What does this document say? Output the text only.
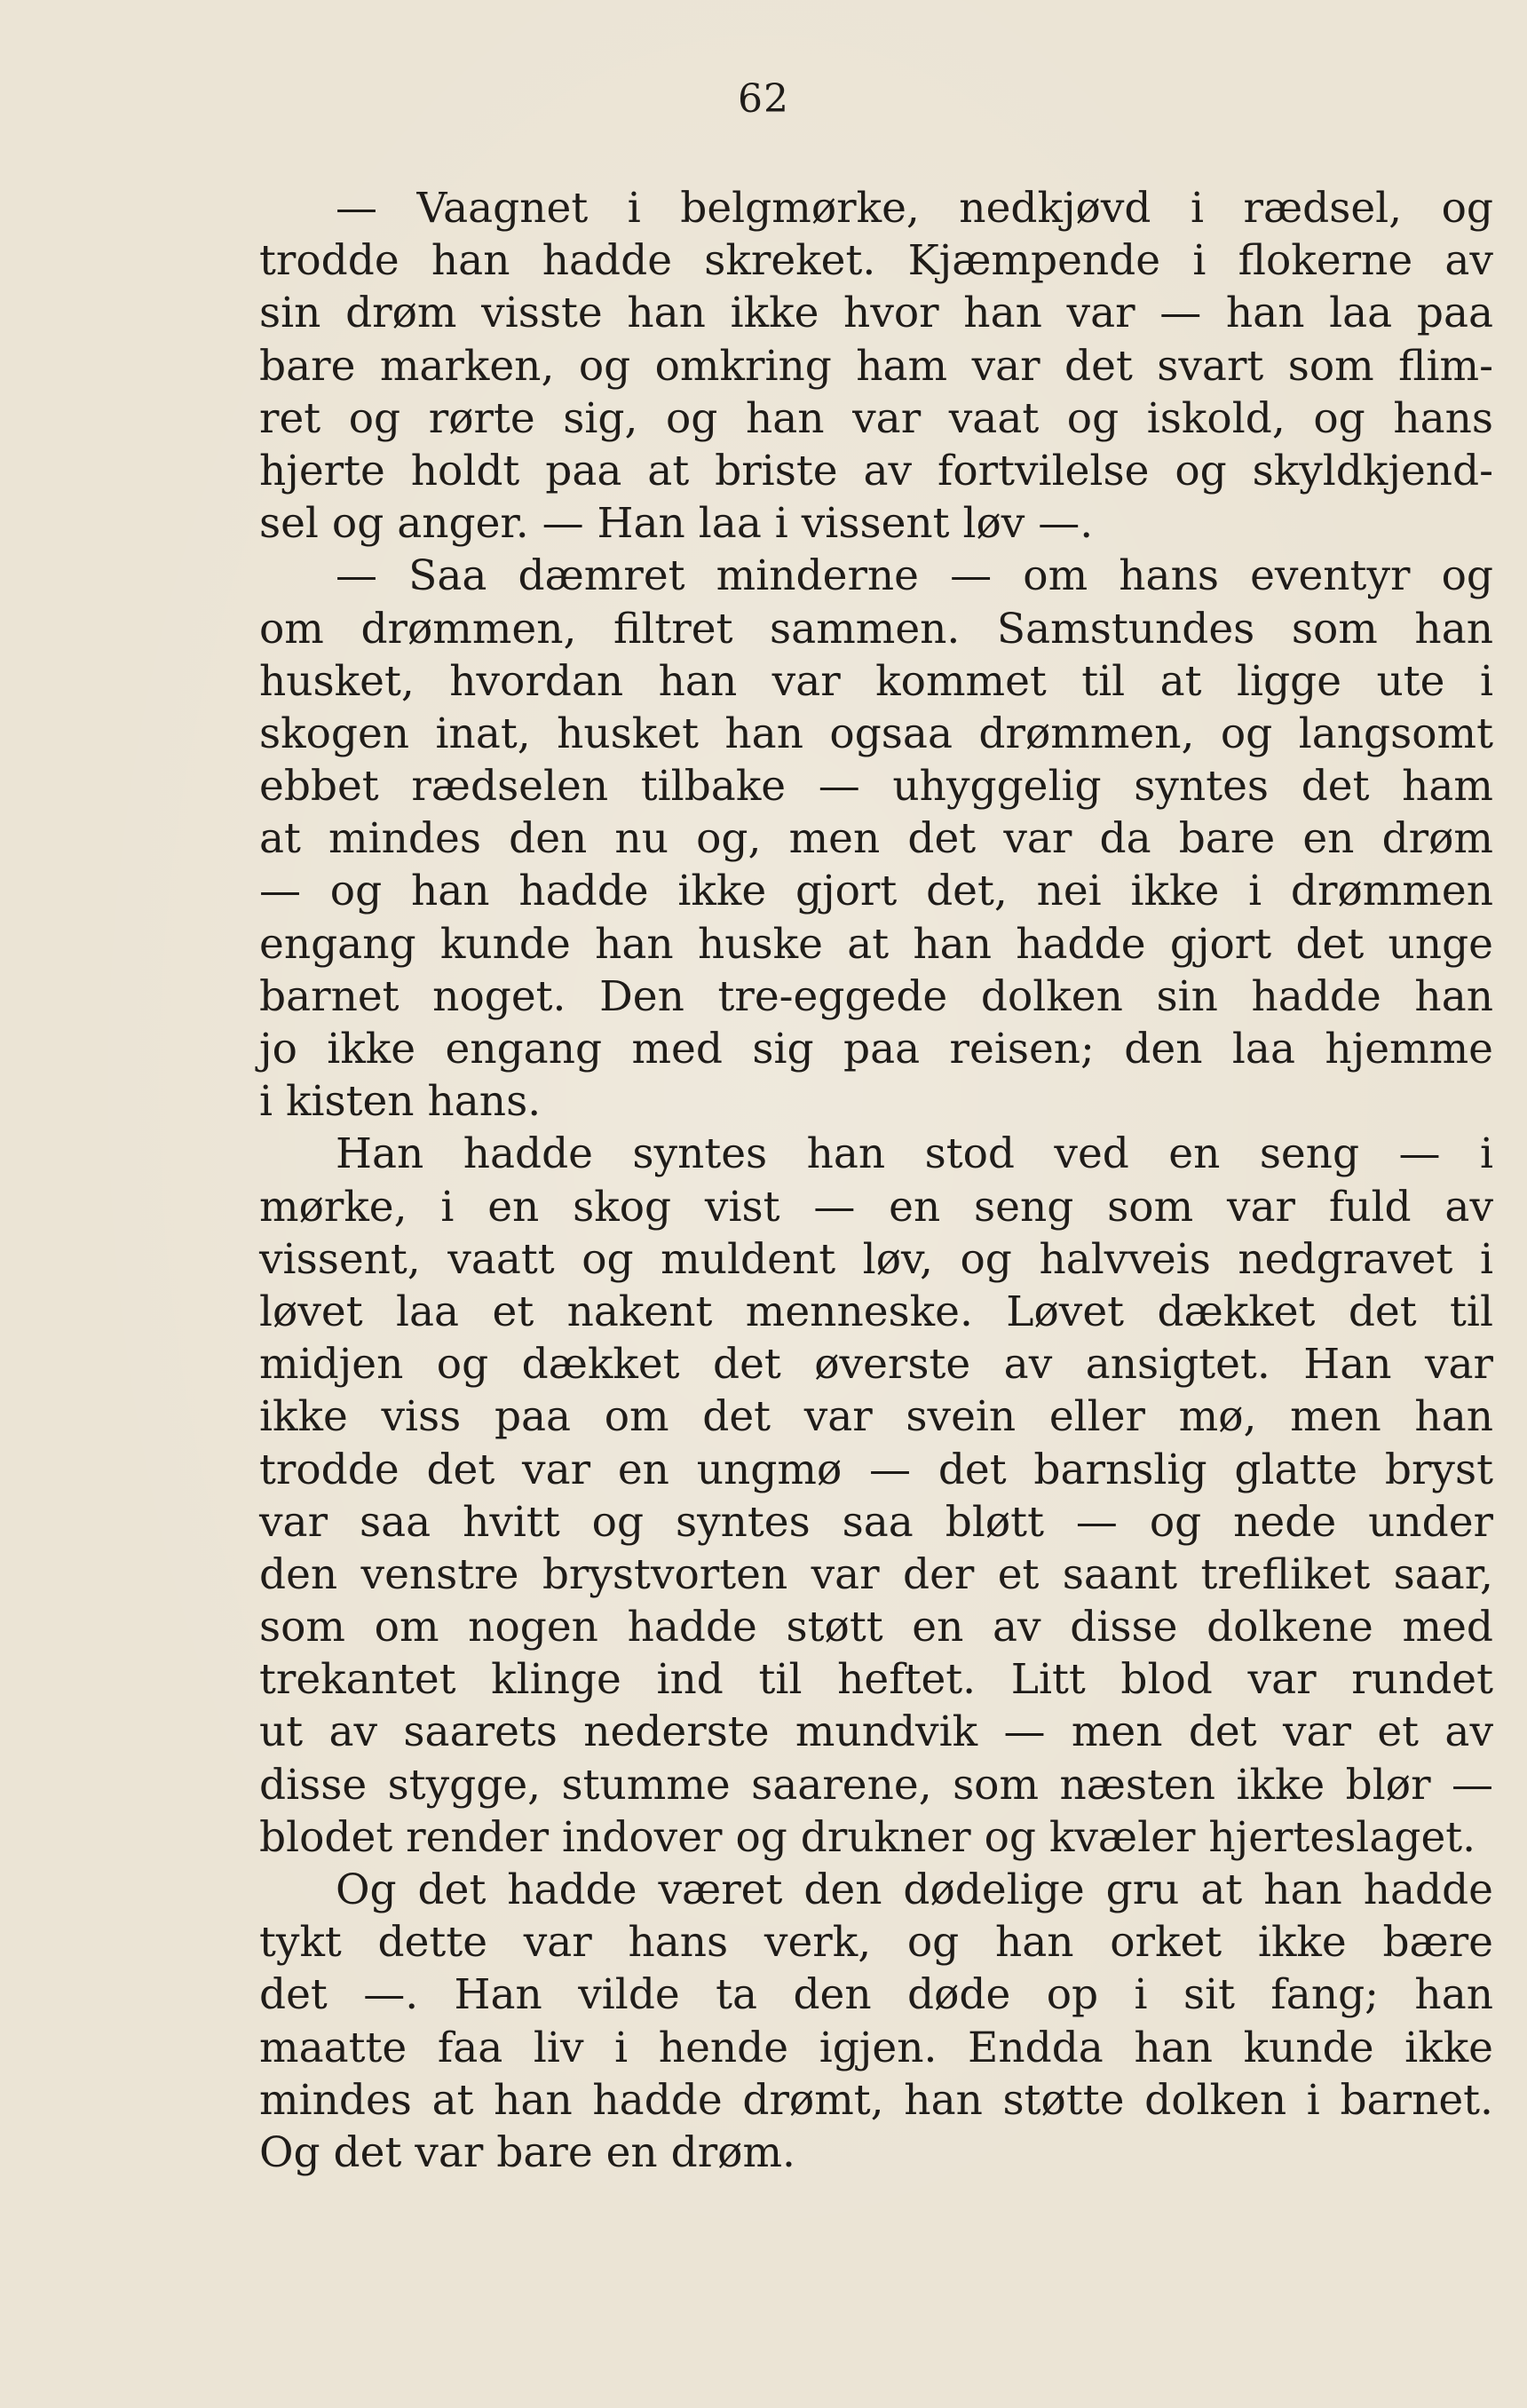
62
— Vaagnet i belgmørke, nedkjøvd i rædsel, og
trodde han hadde skreket. Kjæmpende i flokerne av
sin drøm visste han ikke hvor han var — han laa paa
bare marken, og omkring ham var det svart som flim-
ret og rørte sig, og han var vaat og iskold, og hans
hjerte holdt paa at briste av fortvilelse og skyldkjend-
sel og anger. — Han laa i vissent løv —.
— Saa dæmret minderne — om hans eventyr og
om drømmen, filtret sammen. Samstundes som han
husket, hvordan han var kommet til at ligge ute i
skogen inat, husket han ogsaa drømmen, og langsomt
ebbet rædselen tilbake — uhyggelig syntes det ham
at mindes den nu og, men det var da bare en drøm
— og han hadde ikke gjort det, nei ikke i drømmen
engang kunde han huske at han hadde gjort det unge
barnet noget. Den tre-eggede dolken sin hadde han
jo ikke engang med sig paa reisen; den laa hjemme
i kisten hans.
Han hadde syntes han stod ved en seng — i
mørke, i en skog vist — en seng som var fuld av
vissent, vaatt og muldent løv, og halvveis nedgravet i
løvet laa et nakent menneske. Løvet dækket det til
midjen og dækket det øverste av ansigtet. Han var
ikke viss paa om det var svein eller mø, men han
trodde det var en ungmø — det barnslig glatte bryst
var saa hvitt og syntes saa bløtt — og nede under
den venstre brystvorten var der et saant trefliket saar,
som om nogen hadde støtt en av disse dolkene med
trekantet klinge ind til heftet. Litt blod var rundet
ut av saarets nederste mundvik — men det var et av
disse stygge, stumme saarene, som næsten ikke blør —
blodet render indover og drukner og kvæler hjerteslaget.
Og det hadde været den dødelige gru at han hadde
tykt dette var hans verk, og han orket ikke bære
det —. Han vilde ta den døde op i sit fang; han
maatte faa liv i hende igjen. Endda han kunde ikke
mindes at han hadde drømt, han støtte dolken i barnet.
Og det var bare en drøm.
